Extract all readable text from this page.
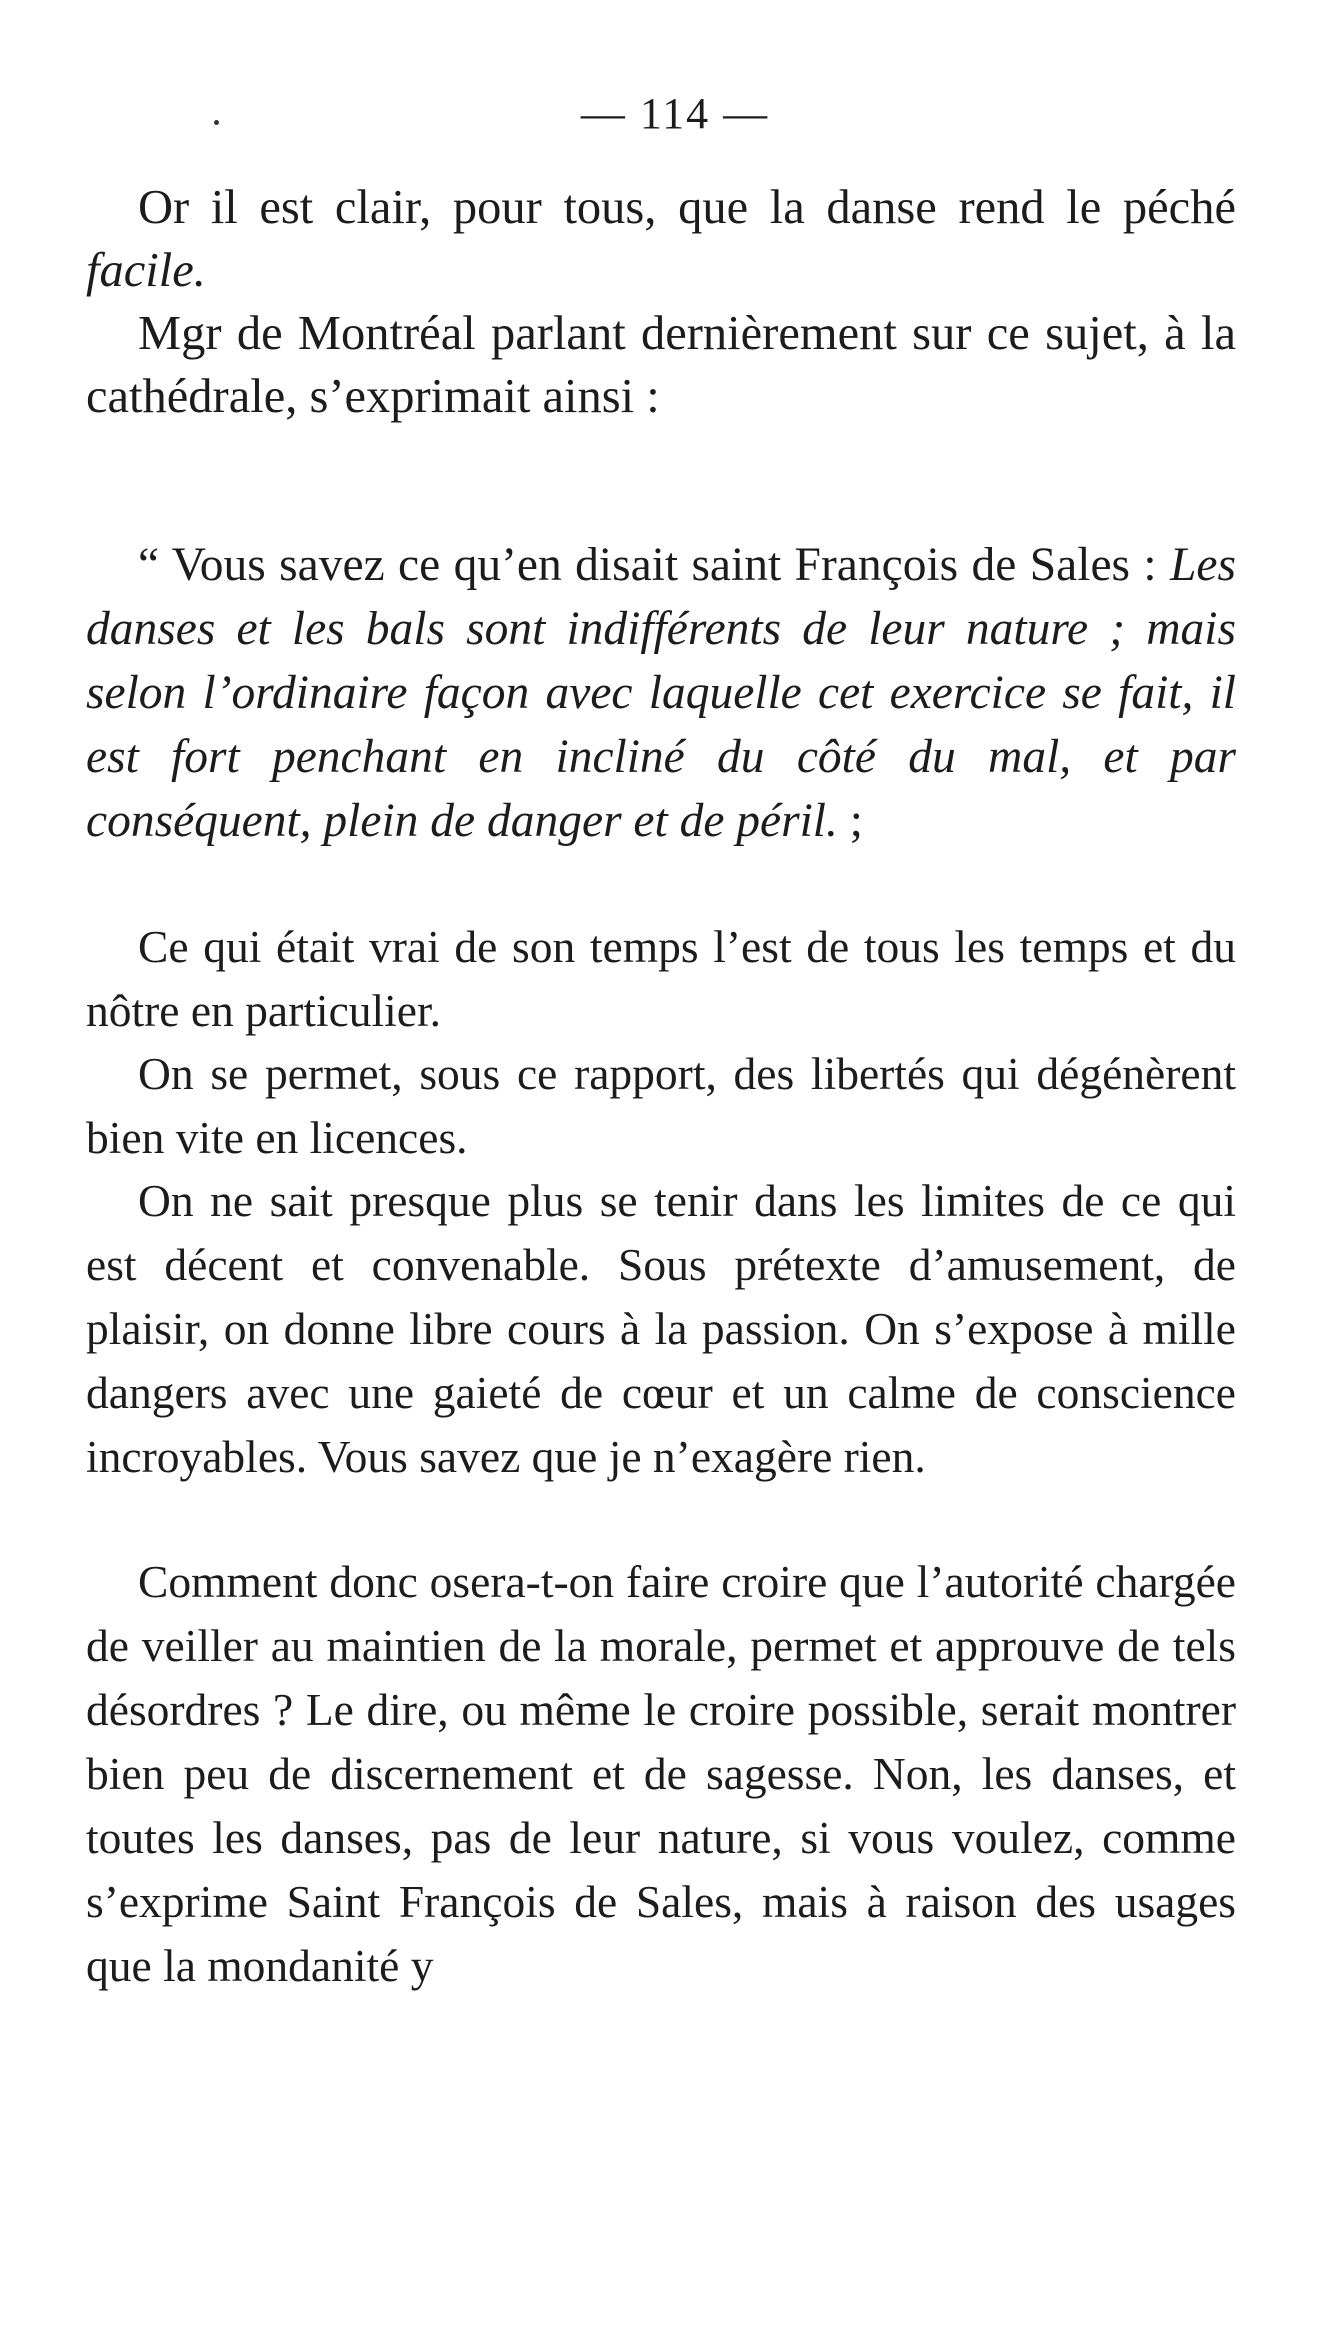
— 114 —

Or il est clair, pour tous, que la danse rend le péché facile.

Mgr de Montréal parlant dernièrement sur ce sujet, à la cathédrale, s’exprimait ainsi :

“ Vous savez ce qu’en disait saint François de Sales : Les danses et les bals sont indifférents de leur nature ; mais selon l’ordinaire façon avec laquelle cet exercice se fait, il est fort penchant en incliné du côté du mal, et par conséquent, plein de danger et de péril. ;

Ce qui était vrai de son temps l’est de tous les temps et du nôtre en particulier.

On se permet, sous ce rapport, des libertés qui dégénèrent bien vite en licences.

On ne sait presque plus se tenir dans les limites de ce qui est décent et convenable. Sous prétexte d’amusement, de plaisir, on donne libre cours à la passion. On s’expose à mille dangers avec une gaieté de cœur et un calme de conscience incroyables. Vous savez que je n’exagère rien.

Comment donc osera-t-on faire croire que l’autorité chargée de veiller au maintien de la morale, permet et approuve de tels désordres ? Le dire, ou même le croire possible, serait montrer bien peu de discernement et de sagesse. Non, les danses, et toutes les danses, pas de leur nature, si vous voulez, comme s’exprime Saint François de Sales, mais à raison des usages que la mondanité y
